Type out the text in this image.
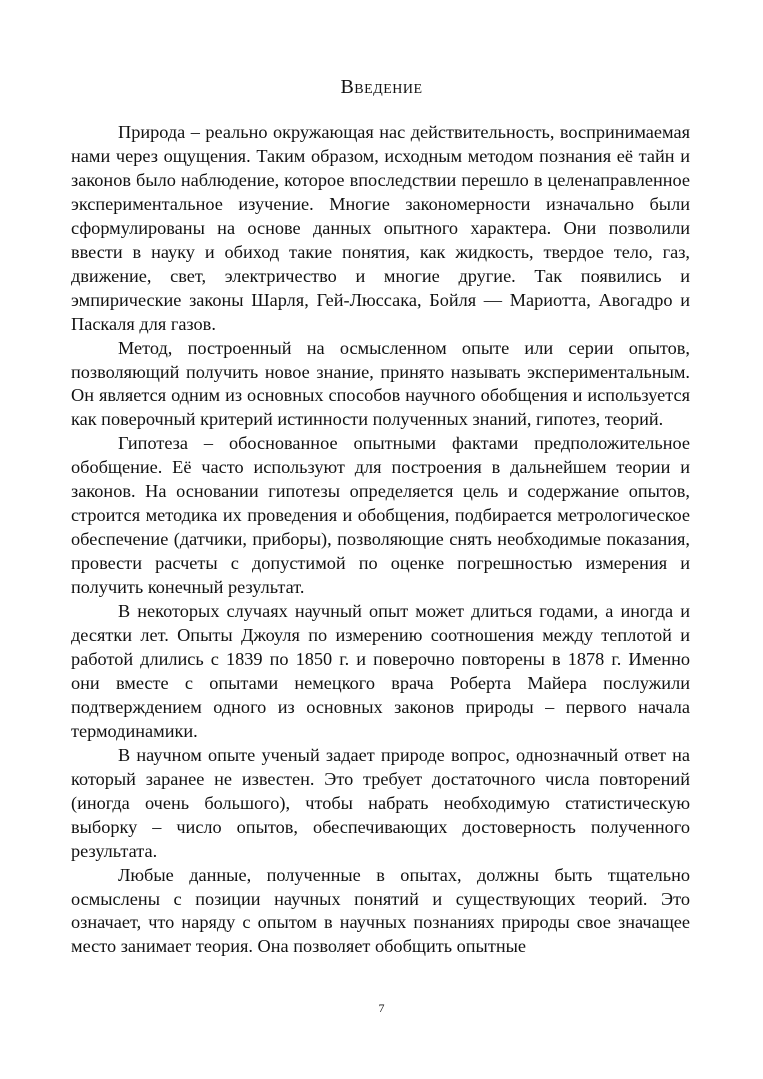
Введение

Природа – реально окружающая нас действительность, воспринимаемая нами через ощущения. Таким образом, исходным методом познания её тайн и законов было наблюдение, которое впоследствии перешло в целенаправленное экспериментальное изучение. Многие закономерности изначально были сформулированы на основе данных опытного характера. Они позволили ввести в науку и обиход такие понятия, как жидкость, твердое тело, газ, движение, свет, электричество и многие другие. Так появились и эмпирические законы Шарля, Гей-Люссака, Бойля — Мариотта, Авогадро и Паскаля для газов.

Метод, построенный на осмысленном опыте или серии опытов, позволяющий получить новое знание, принято называть экспериментальным. Он является одним из основных способов научного обобщения и используется как поверочный критерий истинности полученных знаний, гипотез, теорий.

Гипотеза – обоснованное опытными фактами предположительное обобщение. Её часто используют для построения в дальнейшем теории и законов. На основании гипотезы определяется цель и содержание опытов, строится методика их проведения и обобщения, подбирается метрологическое обеспечение (датчики, приборы), позволяющие снять необходимые показания, провести расчеты с допустимой по оценке погрешностью измерения и получить конечный результат.

В некоторых случаях научный опыт может длиться годами, а иногда и десятки лет. Опыты Джоуля по измерению соотношения между теплотой и работой длились с 1839 по 1850 г. и поверочно повторены в 1878 г. Именно они вместе с опытами немецкого врача Роберта Майера послужили подтверждением одного из основных законов природы – первого начала термодинамики.

В научном опыте ученый задает природе вопрос, однозначный ответ на который заранее не известен. Это требует достаточного числа повторений (иногда очень большого), чтобы набрать необходимую статистическую выборку – число опытов, обеспечивающих достоверность полученного результата.

Любые данные, полученные в опытах, должны быть тщательно осмыслены с позиции научных понятий и существующих теорий. Это означает, что наряду с опытом в научных познаниях природы свое значащее место занимает теория. Она позволяет обобщить опытные

7
